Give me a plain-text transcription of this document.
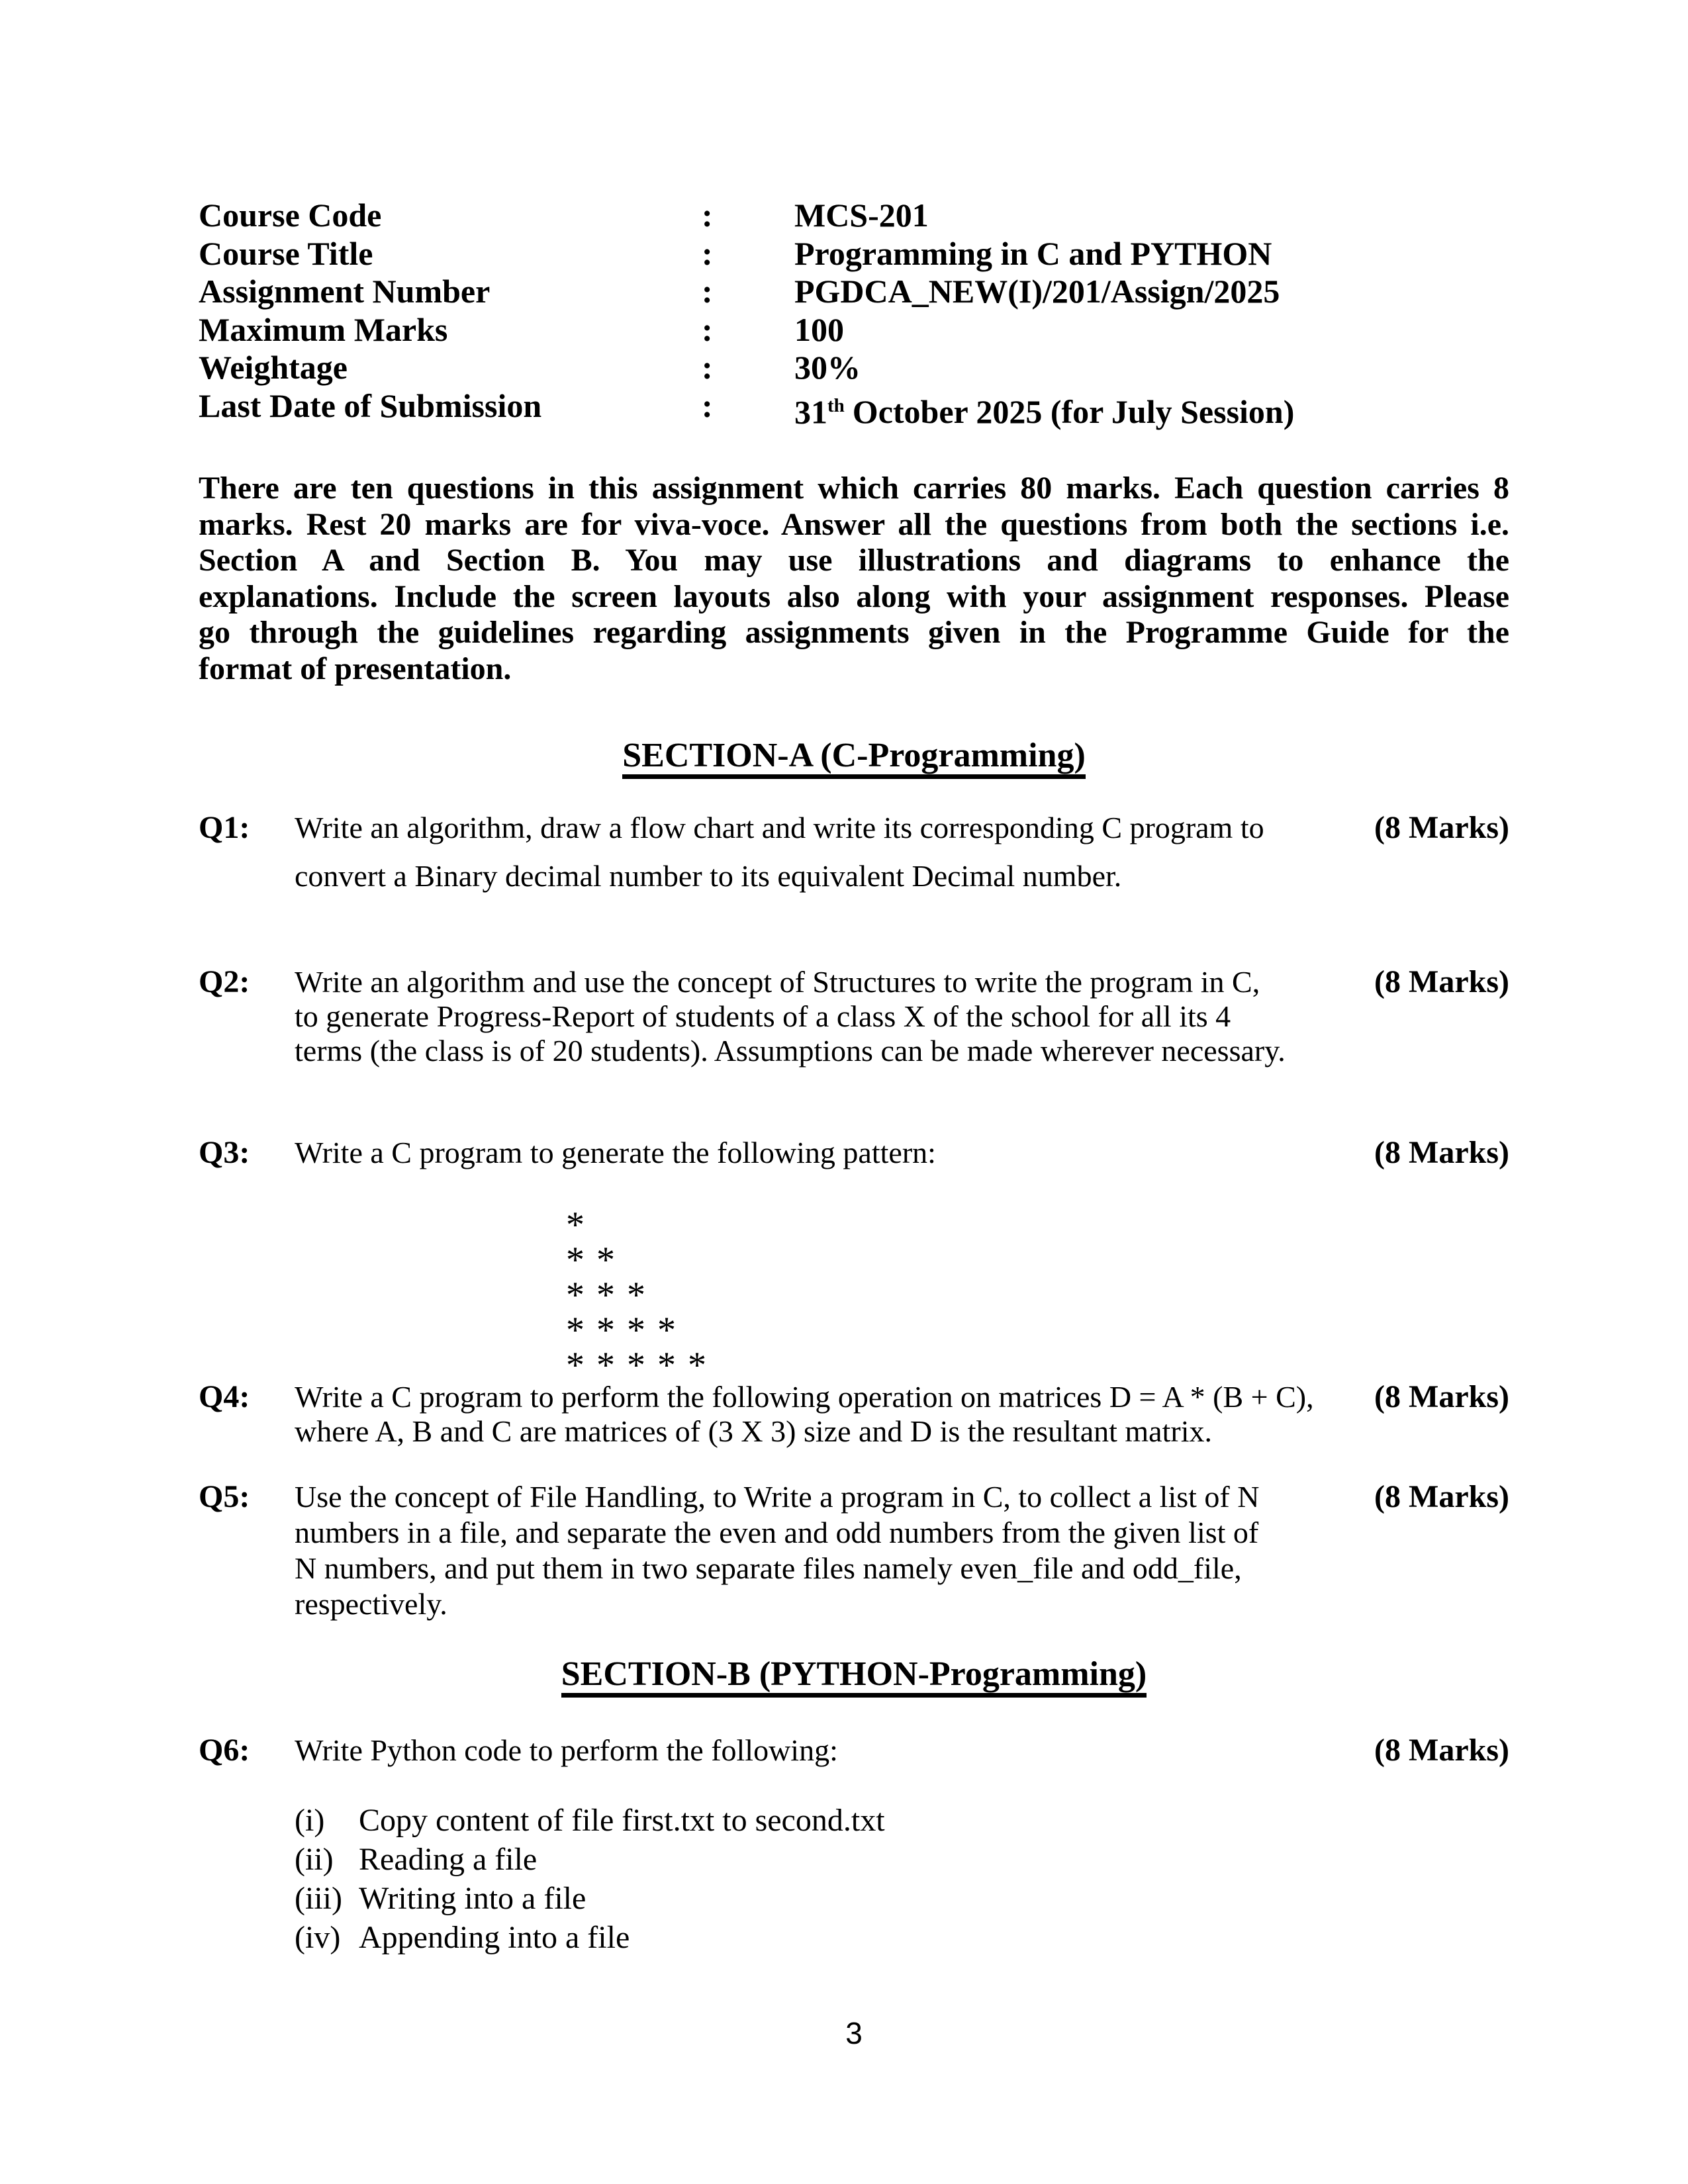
Course Code	:	MCS-201
Course Title	:	Programming in C and PYTHON
Assignment Number	:	PGDCA_NEW(I)/201/Assign/2025
Maximum Marks	:	100
Weightage	:	30%
Last Date of Submission	:	31th October 2025 (for July Session)
There are ten questions in this assignment which carries 80 marks. Each question carries 8
marks. Rest 20 marks are for viva-voce. Answer all the questions from both the sections i.e.
Section A and Section B. You may use illustrations and diagrams to enhance the
explanations. Include the screen layouts also along with your assignment responses. Please
go through the guidelines regarding assignments given in the Programme Guide for the
format of presentation.
SECTION-A (C-Programming)
Q1:	Write an algorithm, draw a flow chart and write its corresponding C program to
convert a Binary decimal number to its equivalent Decimal number.
(8 Marks)
Q2:	Write an algorithm and use the concept of Structures to write the program in C,
to generate Progress-Report of students of a class X of the school for all its 4
terms (the class is of 20 students). Assumptions can be made wherever necessary.
(8 Marks)
Q3:	Write a C program to generate the following pattern:
*
* *
* * *
* * * *
* * * * *
(8 Marks)
Q4:	Write a C program to perform the following operation on matrices D = A * (B + C),
where A, B and C are matrices of (3 X 3) size and D is the resultant matrix.
(8 Marks)
Q5:	Use the concept of File Handling, to Write a program in C, to collect a list of N
numbers in a file, and separate the even and odd numbers from the given list of
N numbers, and put them in two separate files namely even_file and odd_file,
respectively.
(8 Marks)
SECTION-B (PYTHON-Programming)
Q6:	Write Python code to perform the following:
(i)	Copy content of file first.txt to second.txt
(ii) Reading a file
(iii) Writing into a file
(iv) Appending into a file
(8 Marks)
3
